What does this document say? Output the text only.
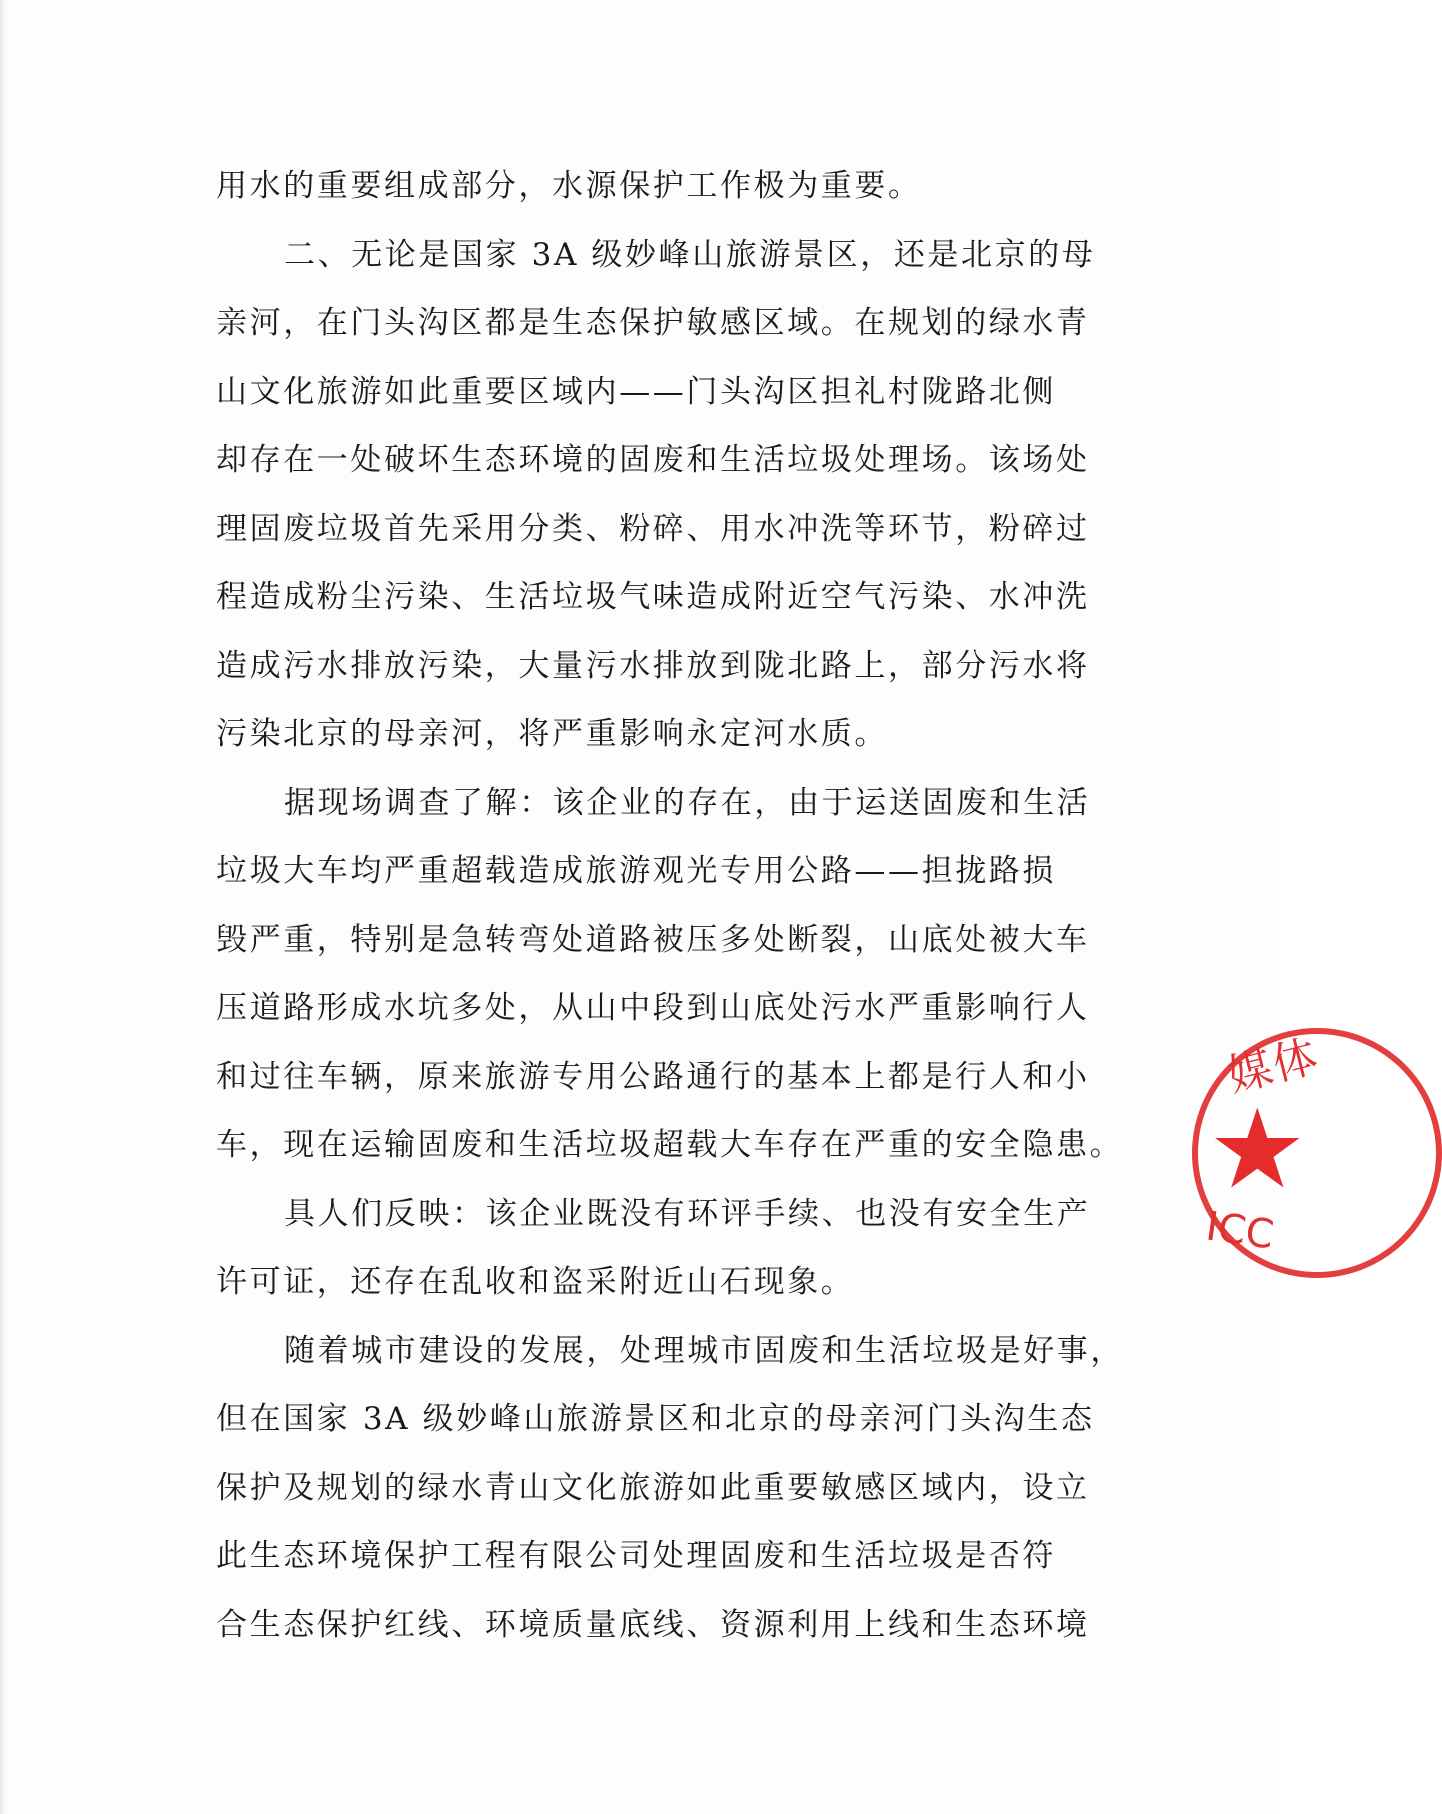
用水的重要组成部分，水源保护工作极为重要。
二、无论是国家 3A 级妙峰山旅游景区，还是北京的母
亲河，在门头沟区都是生态保护敏感区域。在规划的绿水青
山文化旅游如此重要区域内——门头沟区担礼村陇路北侧
却存在一处破坏生态环境的固废和生活垃圾处理场。该场处
理固废垃圾首先采用分类、粉碎、用水冲洗等环节，粉碎过
程造成粉尘污染、生活垃圾气味造成附近空气污染、水冲洗
造成污水排放污染，大量污水排放到陇北路上，部分污水将
污染北京的母亲河，将严重影响永定河水质。
据现场调查了解：该企业的存在，由于运送固废和生活
垃圾大车均严重超载造成旅游观光专用公路——担拢路损
毁严重，特别是急转弯处道路被压多处断裂，山底处被大车
压道路形成水坑多处，从山中段到山底处污水严重影响行人
和过往车辆，原来旅游专用公路通行的基本上都是行人和小
车，现在运输固废和生活垃圾超载大车存在严重的安全隐患。
具人们反映：该企业既没有环评手续、也没有安全生产
许可证，还存在乱收和盗采附近山石现象。
随着城市建设的发展，处理城市固废和生活垃圾是好事，
但在国家 3A 级妙峰山旅游景区和北京的母亲河门头沟生态
保护及规划的绿水青山文化旅游如此重要敏感区域内，设立
此生态环境保护工程有限公司处理固废和生活垃圾是否符
合生态保护红线、环境质量底线、资源利用上线和生态环境
媒体
★
ICC
